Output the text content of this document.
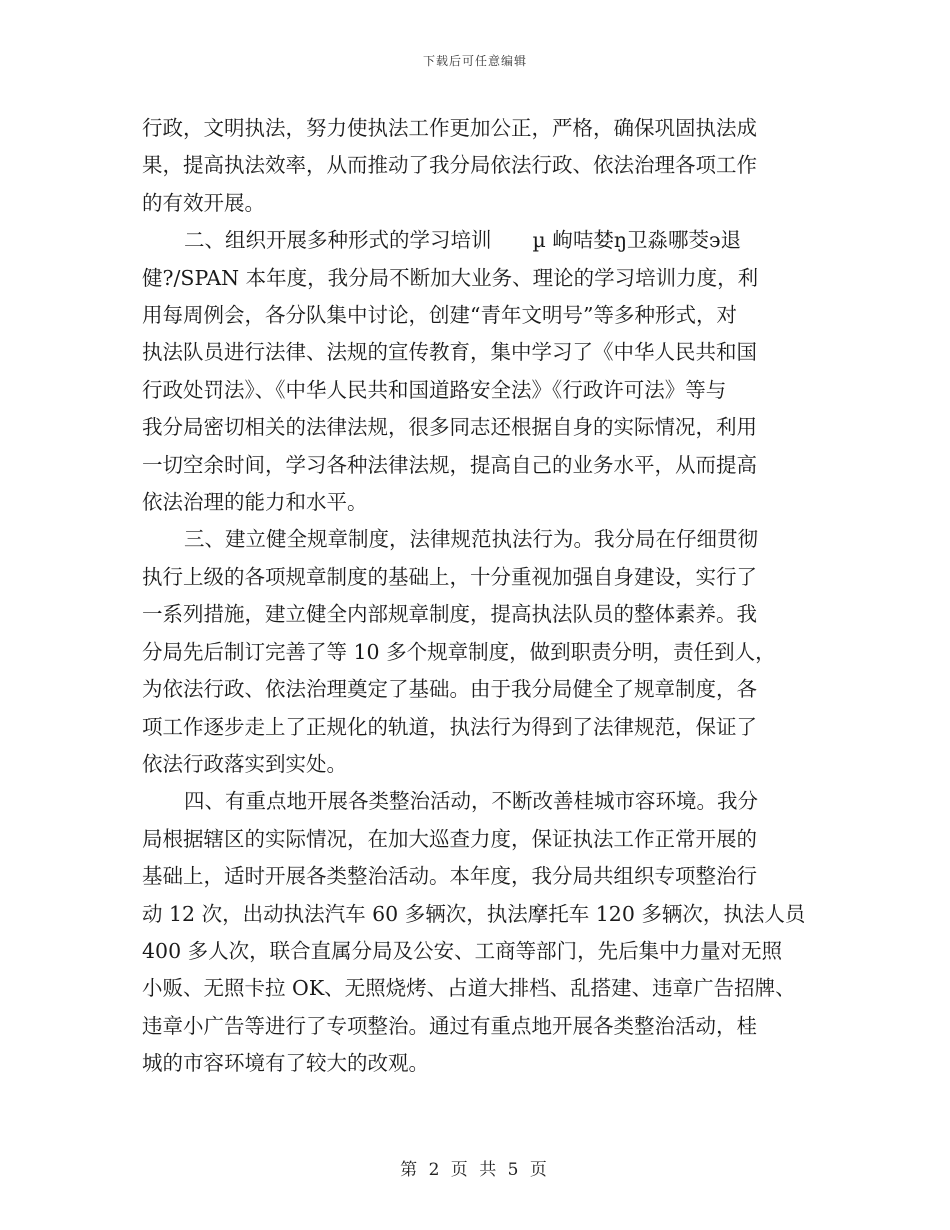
下载后可任意编辑

行政，文明执法，努力使执法工作更加公正，严格，确保巩固执法成
果，提高执法效率，从而推动了我分局依法行政、依法治理各项工作
的有效开展。

二、组织开展多种形式的学习培训　　µ 岣咭婪ŋ卫淼哪茭϶退
健?/SPAN 本年度，我分局不断加大业务、理论的学习培训力度，利
用每周例会，各分队集中讨论，创建“青年文明号”等多种形式，对
执法队员进行法律、法规的宣传教育，集中学习了《中华人民共和国
行政处罚法》、《中华人民共和国道路安全法》《行政许可法》等与
我分局密切相关的法律法规，很多同志还根据自身的实际情况，利用
一切空余时间，学习各种法律法规，提高自己的业务水平，从而提高
依法治理的能力和水平。

三、建立健全规章制度，法律规范执法行为。我分局在仔细贯彻
执行上级的各项规章制度的基础上，十分重视加强自身建设，实行了
一系列措施，建立健全内部规章制度，提高执法队员的整体素养。我
分局先后制订完善了等 10 多个规章制度，做到职责分明，责任到人，
为依法行政、依法治理奠定了基础。由于我分局健全了规章制度，各
项工作逐步走上了正规化的轨道，执法行为得到了法律规范，保证了
依法行政落实到实处。

四、有重点地开展各类整治活动，不断改善桂城市容环境。我分
局根据辖区的实际情况，在加大巡查力度，保证执法工作正常开展的
基础上，适时开展各类整治活动。本年度，我分局共组织专项整治行
动 12 次，出动执法汽车 60 多辆次，执法摩托车 120 多辆次，执法人员
400 多人次，联合直属分局及公安、工商等部门，先后集中力量对无照
小贩、无照卡拉 OK、无照烧烤、占道大排档、乱搭建、违章广告招牌、
违章小广告等进行了专项整治。通过有重点地开展各类整治活动，桂
城的市容环境有了较大的改观。

第 2 页 共 5 页
